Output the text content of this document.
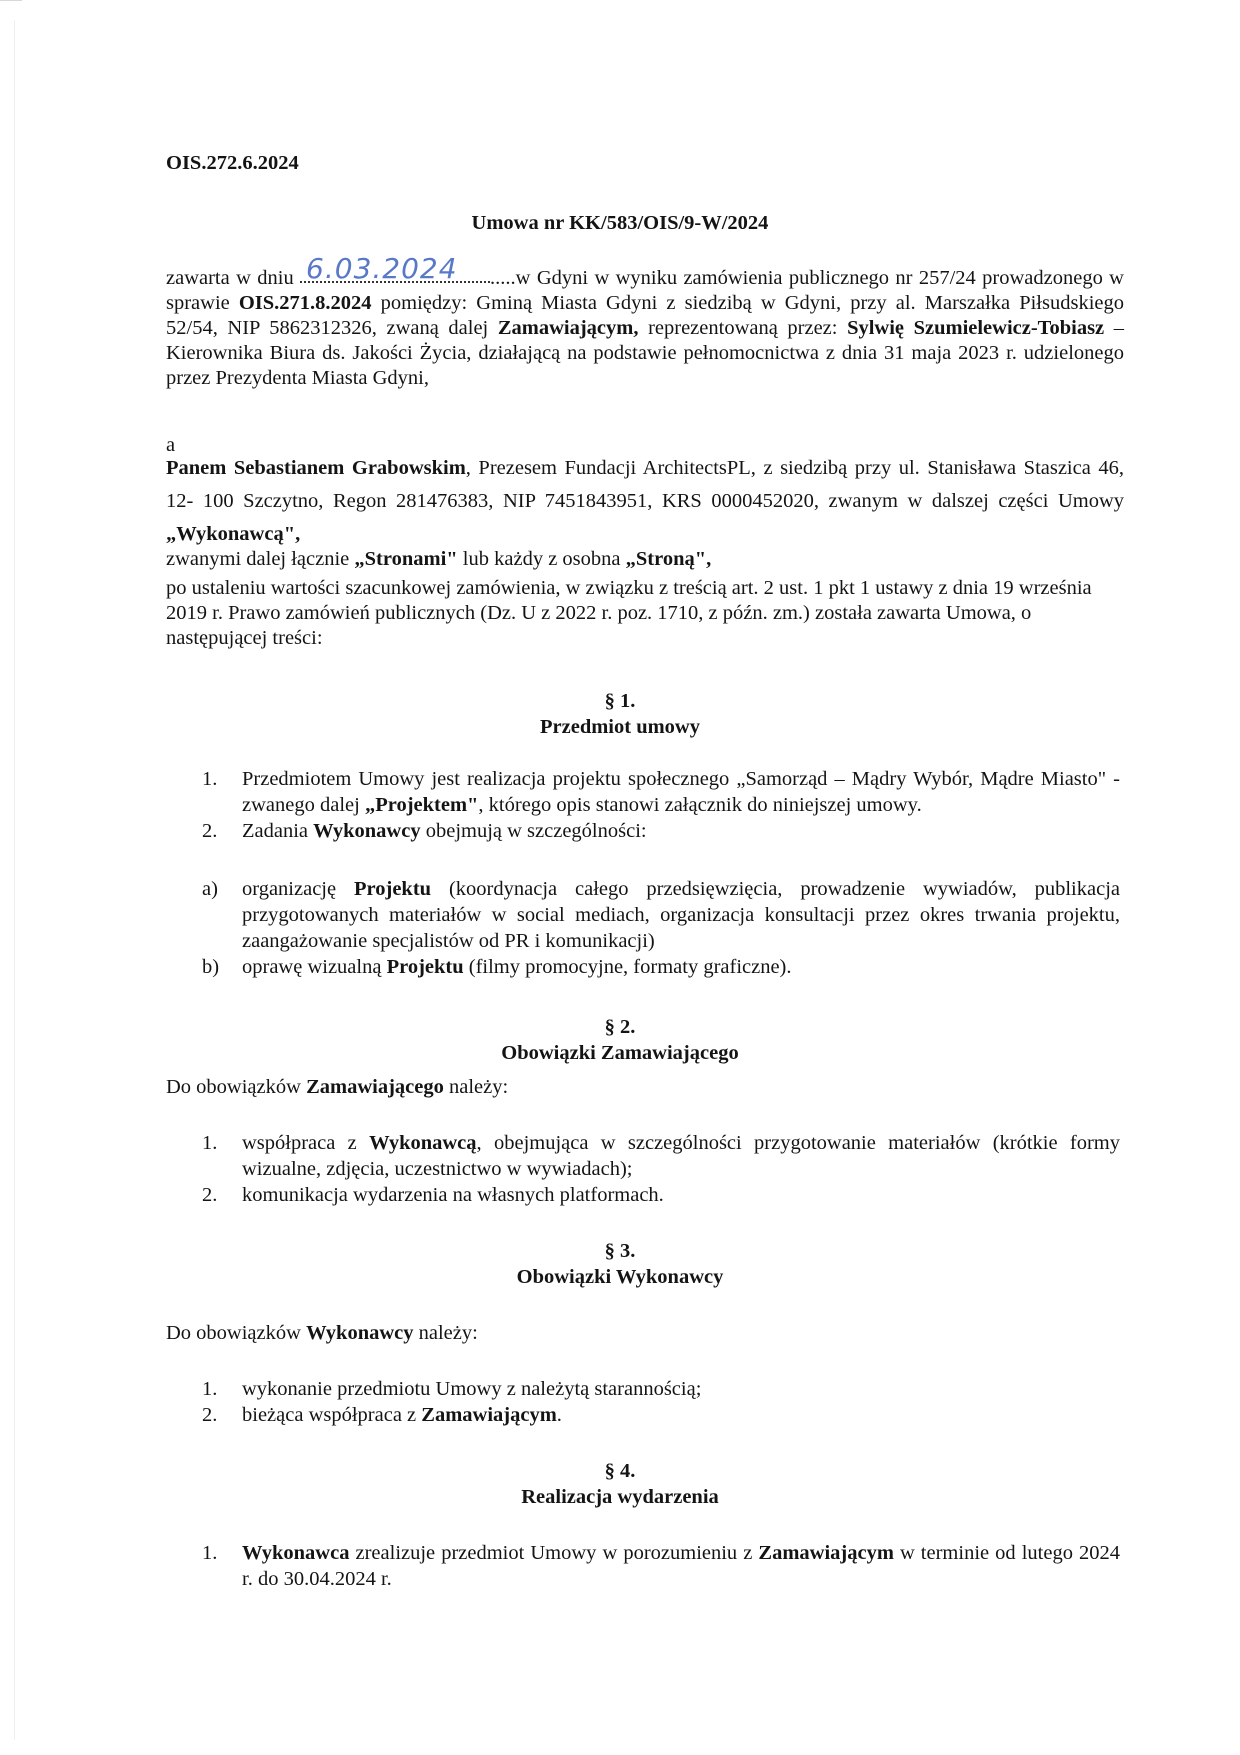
OIS.272.6.2024
Umowa nr KK/583/OIS/9-W/2024
zawarta w dniu
6.03.2024 .....w Gdyni w wyniku zamówienia publicznego nr 257/24 prowadzonego w sprawie OIS.271.8.2024 pomiędzy: Gminą Miasta Gdyni z siedzibą w Gdyni, przy al. Marszałka Piłsudskiego 52/54, NIP 5862312326, zwaną dalej Zamawiającym, reprezentowaną przez: Sylwię Szumielewicz-Tobiasz – Kierownika Biura ds. Jakości Życia, działającą na podstawie pełnomocnictwa z dnia 31 maja 2023 r. udzielonego przez Prezydenta Miasta Gdyni,
a
Panem Sebastianem Grabowskim, Prezesem Fundacji ArchitectsPL, z siedzibą przy ul. Stanisława Staszica 46, 12- 100 Szczytno, Regon 281476383, NIP 7451843951, KRS 0000452020, zwanym w dalszej części Umowy „Wykonawcą",
zwanymi dalej łącznie „Stronami" lub każdy z osobna „Stroną",
po ustaleniu wartości szacunkowej zamówienia, w związku z treścią art. 2 ust. 1 pkt 1 ustawy z dnia 19 września 2019 r. Prawo zamówień publicznych (Dz. U z 2022 r. poz. 1710, z późn. zm.) została zawarta Umowa, o następującej treści:
§ 1.
Przedmiot umowy
1. Przedmiotem Umowy jest realizacja projektu społecznego „Samorząd – Mądry Wybór, Mądre Miasto" - zwanego dalej „Projektem", którego opis stanowi załącznik do niniejszej umowy.
2. Zadania Wykonawcy obejmują w szczególności:
a) organizację Projektu (koordynacja całego przedsięwzięcia, prowadzenie wywiadów, publikacja przygotowanych materiałów w social mediach, organizacja konsultacji przez okres trwania projektu, zaangażowanie specjalistów od PR i komunikacji)
b) oprawę wizualną Projektu (filmy promocyjne, formaty graficzne).
§ 2.
Obowiązki Zamawiającego
Do obowiązków Zamawiającego należy:
1. współpraca z Wykonawcą, obejmująca w szczególności przygotowanie materiałów (krótkie formy wizualne, zdjęcia, uczestnictwo w wywiadach);
2. komunikacja wydarzenia na własnych platformach.
§ 3.
Obowiązki Wykonawcy
Do obowiązków Wykonawcy należy:
1. wykonanie przedmiotu Umowy z należytą starannością;
2. bieżąca współpraca z Zamawiającym.
§ 4.
Realizacja wydarzenia
1. Wykonawca zrealizuje przedmiot Umowy w porozumieniu z Zamawiającym w terminie od lutego 2024 r. do 30.04.2024 r.
